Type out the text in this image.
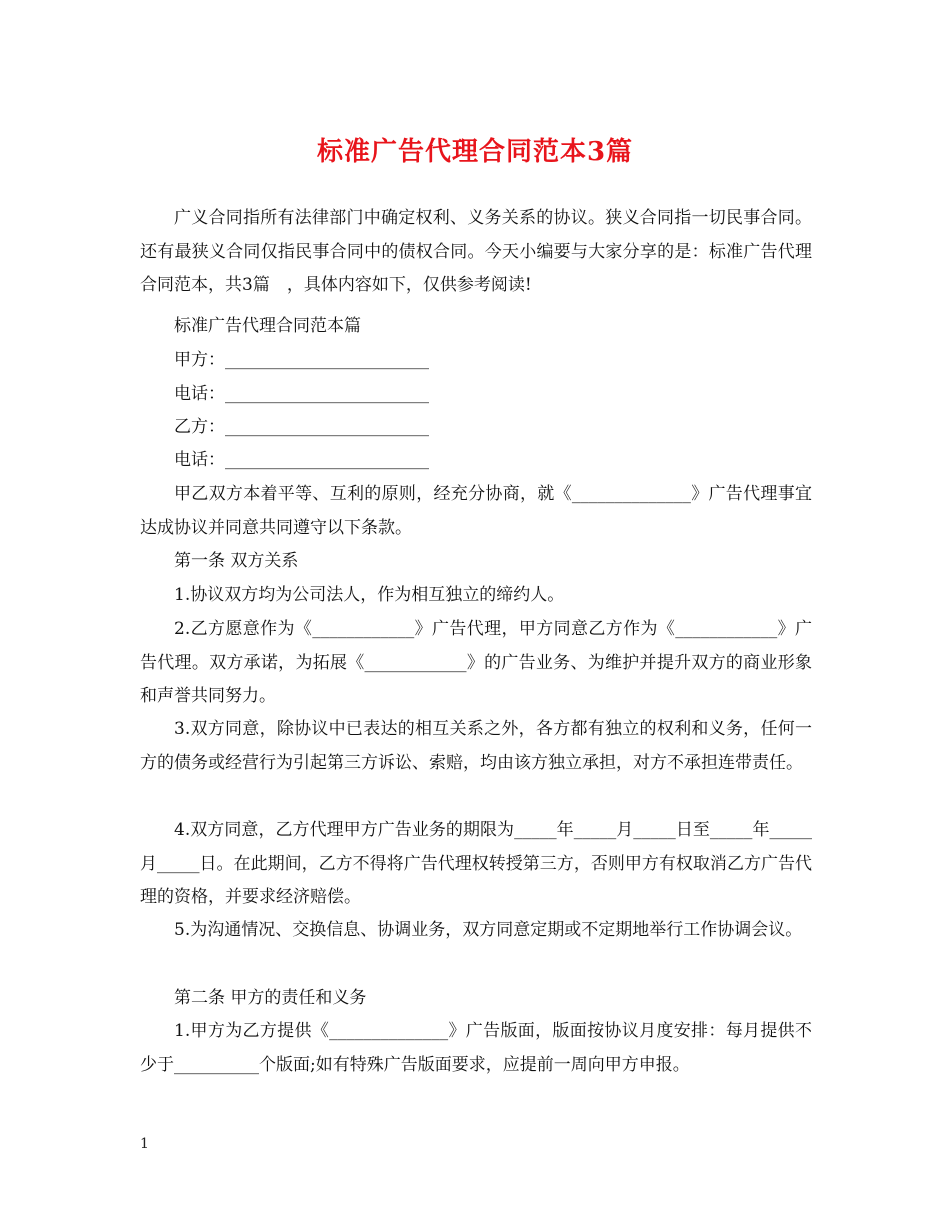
标准广告代理合同范本3篇

广义合同指所有法律部门中确定权利、义务关系的协议。狭义合同指一切民事合同。还有最狭义合同仅指民事合同中的债权合同。今天小编要与大家分享的是：标准广告代理合同范本，共3篇　，具体内容如下，仅供参考阅读!

标准广告代理合同范本篇

甲方：________________________

电话：________________________

乙方：________________________

电话：________________________

甲乙双方本着平等、互利的原则，经充分协商，就《______________》广告代理事宜达成协议并同意共同遵守以下条款。

第一条 双方关系

1.协议双方均为公司法人，作为相互独立的缔约人。

2.乙方愿意作为《____________》广告代理，甲方同意乙方作为《____________》广告代理。双方承诺，为拓展《____________》的广告业务、为维护并提升双方的商业形象和声誉共同努力。

3.双方同意，除协议中已表达的相互关系之外，各方都有独立的权利和义务，任何一方的债务或经营行为引起第三方诉讼、索赔，均由该方独立承担，对方不承担连带责任。

4.双方同意，乙方代理甲方广告业务的期限为_____年_____月_____日至_____年_____月_____日。在此期间，乙方不得将广告代理权转授第三方，否则甲方有权取消乙方广告代理的资格，并要求经济赔偿。

5.为沟通情况、交换信息、协调业务，双方同意定期或不定期地举行工作协调会议。

第二条 甲方的责任和义务

1.甲方为乙方提供《______________》广告版面，版面按协议月度安排：每月提供不少于__________个版面;如有特殊广告版面要求，应提前一周向甲方申报。

1
